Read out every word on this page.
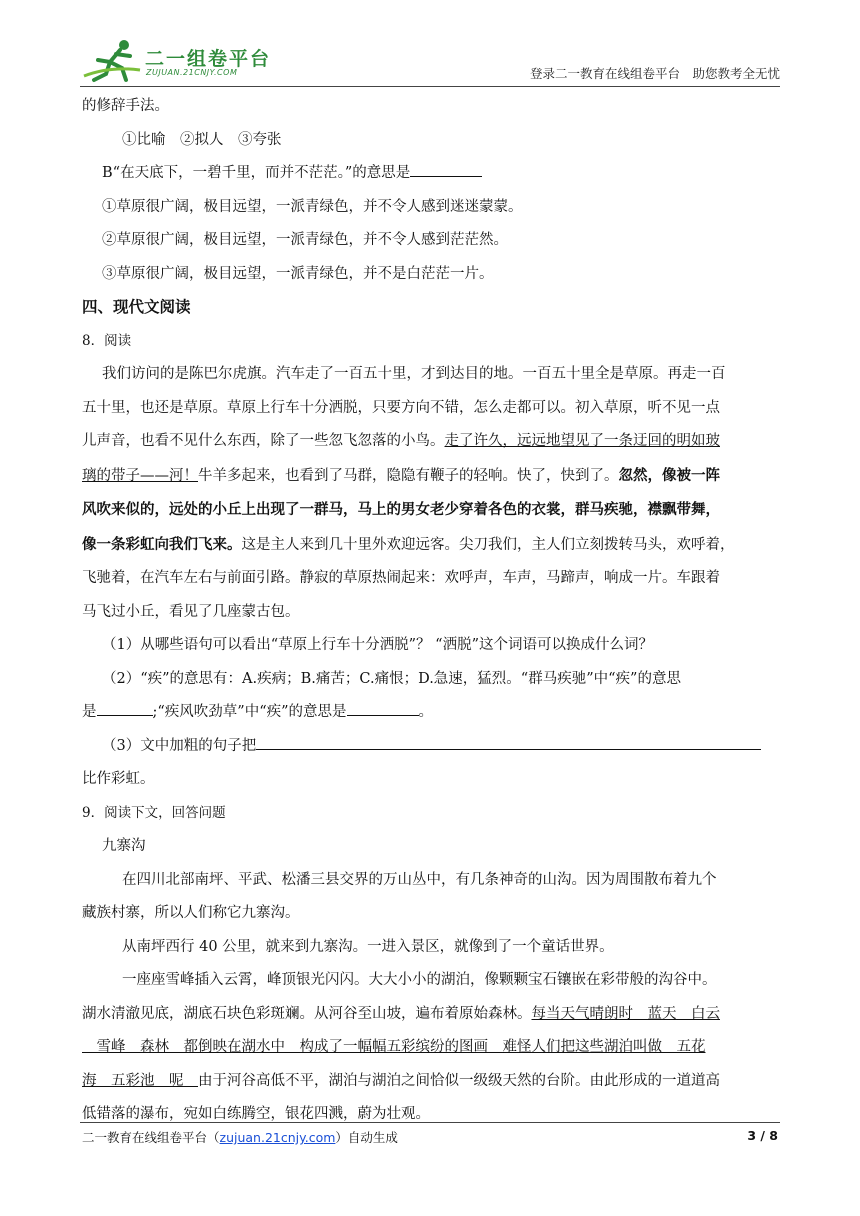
二一组卷平台
ZUJUAN.21CNJY.COM	登录二一教育在线组卷平台　助您教考全无忧

的修辞手法。

①比喻　②拟人　③夸张

B“在天底下，一碧千里，而并不茫茫。”的意思是

①草原很广阔，极目远望，一派青绿色，并不令人感到迷迷蒙蒙。

②草原很广阔，极目远望，一派青绿色，并不令人感到茫茫然。

③草原很广阔，极目远望，一派青绿色，并不是白茫茫一片。

四、现代文阅读

8．阅读

我们访问的是陈巴尔虎旗。汽车走了一百五十里，才到达目的地。一百五十里全是草原。再走一百

五十里，也还是草原。草原上行车十分洒脱，只要方向不错，怎么走都可以。初入草原，听不见一点

儿声音，也看不见什么东西，除了一些忽飞忽落的小鸟。走了许久，远远地望见了一条迂回的明如玻

璃的带子——河！牛羊多起来，也看到了马群，隐隐有鞭子的轻响。快了，快到了。忽然，像被一阵

风吹来似的，远处的小丘上出现了一群马，马上的男女老少穿着各色的衣裳，群马疾驰，襟飘带舞，

像一条彩虹向我们飞来。这是主人来到几十里外欢迎远客。尖刀我们，主人们立刻拨转马头，欢呼着，

飞驰着，在汽车左右与前面引路。静寂的草原热闹起来：欢呼声，车声，马蹄声，响成一片。车跟着

马飞过小丘，看见了几座蒙古包。

（1）从哪些语句可以看出“草原上行车十分洒脱”？ “洒脱”这个词语可以换成什么词？

（2）“疾”的意思有：A.疾病；B.痛苦；C.痛恨；D.急速，猛烈。“群马疾驰”中“疾”的意思

是	;“疾风吹劲草”中“疾”的意思是	。

（3）文中加粗的句子把

比作彩虹。

9．阅读下文，回答问题

九寨沟

在四川北部南坪、平武、松潘三县交界的万山丛中，有几条神奇的山沟。因为周围散布着九个

藏族村寨，所以人们称它九寨沟。

从南坪西行 40 公里，就来到九寨沟。一进入景区，就像到了一个童话世界。

一座座雪峰插入云霄，峰顶银光闪闪。大大小小的湖泊，像颗颗宝石镶嵌在彩带般的沟谷中。

湖水清澈见底，湖底石块色彩斑斓。从河谷至山坡，遍布着原始森林。每当天气晴朗时＿蓝天＿白云

＿雪峰＿森林＿都倒映在湖水中＿构成了一幅幅五彩缤纷的图画＿难怪人们把这些湖泊叫做＿五花

海＿五彩池＿呢＿由于河谷高低不平，湖泊与湖泊之间恰似一级级天然的台阶。由此形成的一道道高

低错落的瀑布，宛如白练腾空，银花四溅，蔚为壮观。

二一教育在线组卷平台（zujuan.21cnjy.com）自动生成	3 / 8
